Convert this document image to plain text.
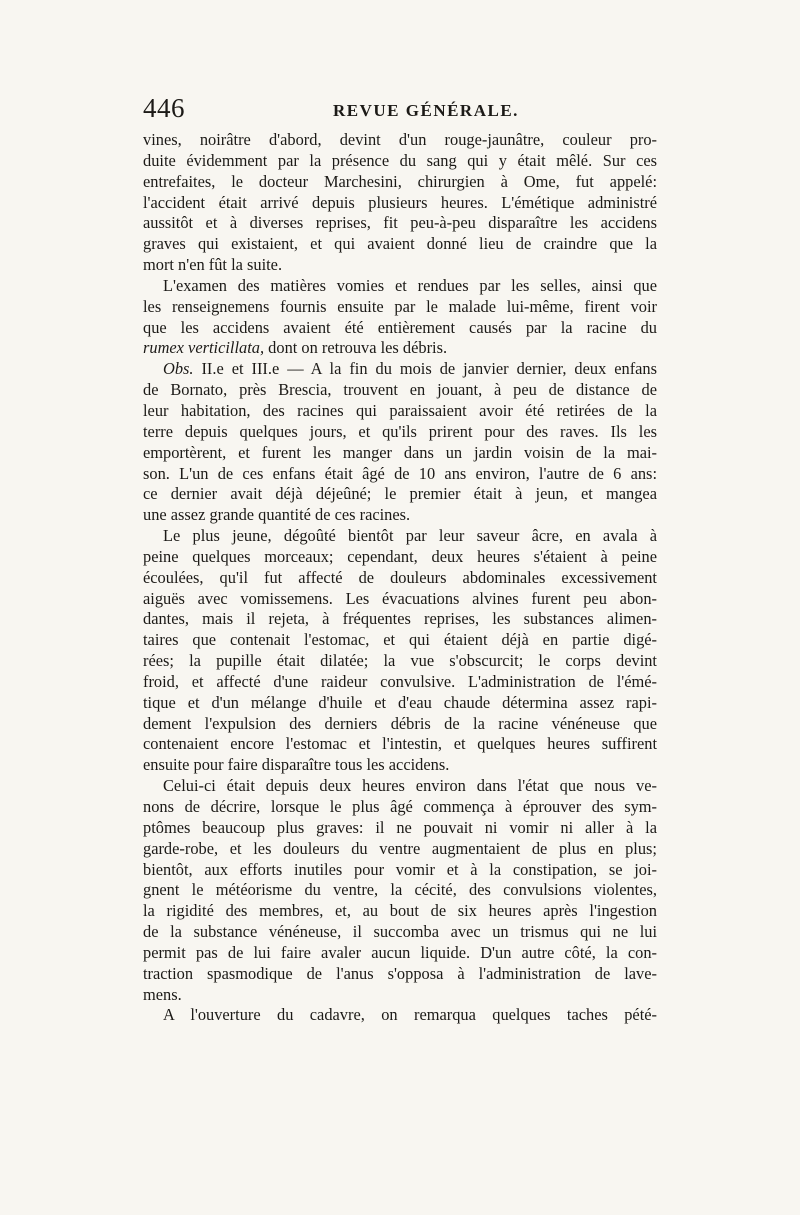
446	REVUE GÉNÉRALE.
vines, noirâtre d'abord, devint d'un rouge-jaunâtre, couleur pro-
duite évidemment par la présence du sang qui y était mêlé. Sur ces
entrefaites, le docteur Marchesini, chirurgien à Ome, fut appelé:
l'accident était arrivé depuis plusieurs heures. L'émétique administré
aussitôt et à diverses reprises, fit peu-à-peu disparaître les accidens
graves qui existaient, et qui avaient donné lieu de craindre que la
mort n'en fût la suite.
L'examen des matières vomies et rendues par les selles, ainsi que
les renseignemens fournis ensuite par le malade lui-même, firent voir
que les accidens avaient été entièrement causés par la racine du
rumex verticillata, dont on retrouva les débris.
Obs. II.e et III.e — A la fin du mois de janvier dernier, deux enfans
de Bornato, près Brescia, trouvent en jouant, à peu de distance de
leur habitation, des racines qui paraissaient avoir été retirées de la
terre depuis quelques jours, et qu'ils prirent pour des raves. Ils les
emportèrent, et furent les manger dans un jardin voisin de la mai-
son. L'un de ces enfans était âgé de 10 ans environ, l'autre de 6 ans:
ce dernier avait déjà déjeûné; le premier était à jeun, et mangea
une assez grande quantité de ces racines.
Le plus jeune, dégoûté bientôt par leur saveur âcre, en avala à
peine quelques morceaux; cependant, deux heures s'étaient à peine
écoulées, qu'il fut affecté de douleurs abdominales excessivement
aiguës avec vomissemens. Les évacuations alvines furent peu abon-
dantes, mais il rejeta, à fréquentes reprises, les substances alimen-
taires que contenait l'estomac, et qui étaient déjà en partie digé-
rées; la pupille était dilatée; la vue s'obscurcit; le corps devint
froid, et affecté d'une raideur convulsive. L'administration de l'émé-
tique et d'un mélange d'huile et d'eau chaude détermina assez rapi-
dement l'expulsion des derniers débris de la racine vénéneuse que
contenaient encore l'estomac et l'intestin, et quelques heures suffirent
ensuite pour faire disparaître tous les accidens.
Celui-ci était depuis deux heures environ dans l'état que nous ve-
nons de décrire, lorsque le plus âgé commença à éprouver des sym-
ptômes beaucoup plus graves: il ne pouvait ni vomir ni aller à la
garde-robe, et les douleurs du ventre augmentaient de plus en plus;
bientôt, aux efforts inutiles pour vomir et à la constipation, se joi-
gnent le météorisme du ventre, la cécité, des convulsions violentes,
la rigidité des membres, et, au bout de six heures après l'ingestion
de la substance vénéneuse, il succomba avec un trismus qui ne lui
permit pas de lui faire avaler aucun liquide. D'un autre côté, la con-
traction spasmodique de l'anus s'opposa à l'administration de lave-
mens.
A l'ouverture du cadavre, on remarqua quelques taches pété-
